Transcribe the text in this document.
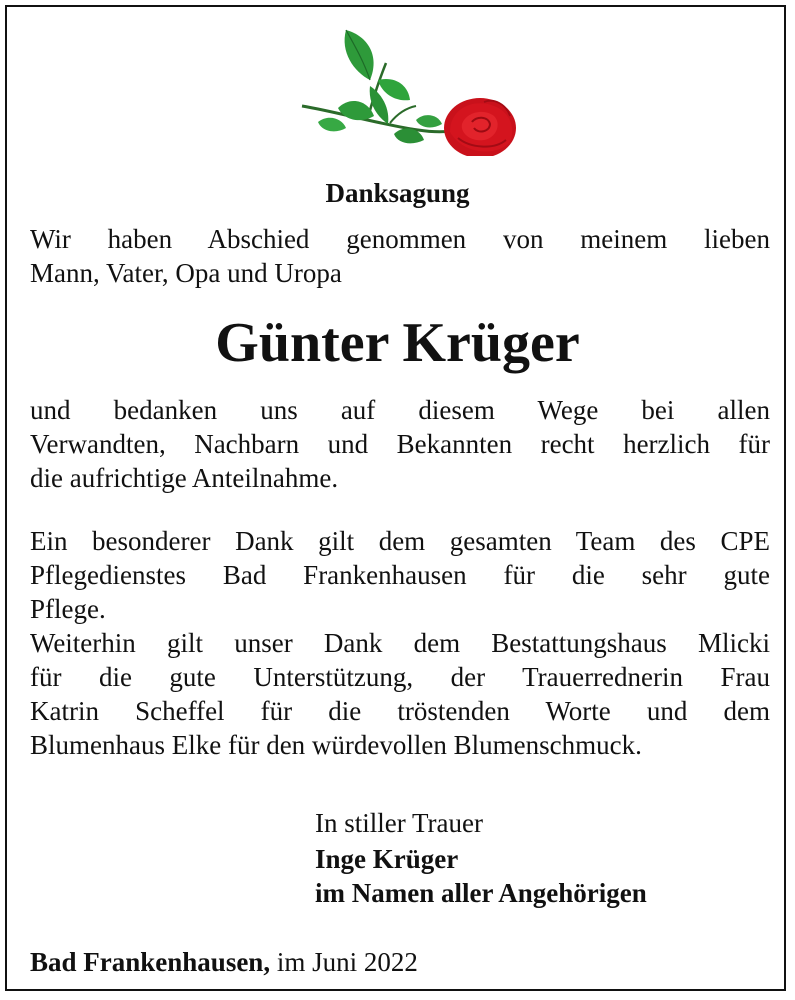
Danksagung
Wir haben Abschied genommen von meinem lieben
Mann, Vater, Opa und Uropa
Günter Krüger
und bedanken uns auf diesem Wege bei allen
Verwandten, Nachbarn und Bekannten recht herzlich für
die aufrichtige Anteilnahme.
Ein besonderer Dank gilt dem gesamten Team des CPE
Pflegedienstes Bad Frankenhausen für die sehr gute
Pflege.
Weiterhin gilt unser Dank dem Bestattungshaus Mlicki
für die gute Unterstützung, der Trauerrednerin Frau
Katrin Scheffel für die tröstenden Worte und dem
Blumenhaus Elke für den würdevollen Blumenschmuck.
In stiller Trauer
Inge Krüger
im Namen aller Angehörigen
Bad Frankenhausen, im Juni 2022
